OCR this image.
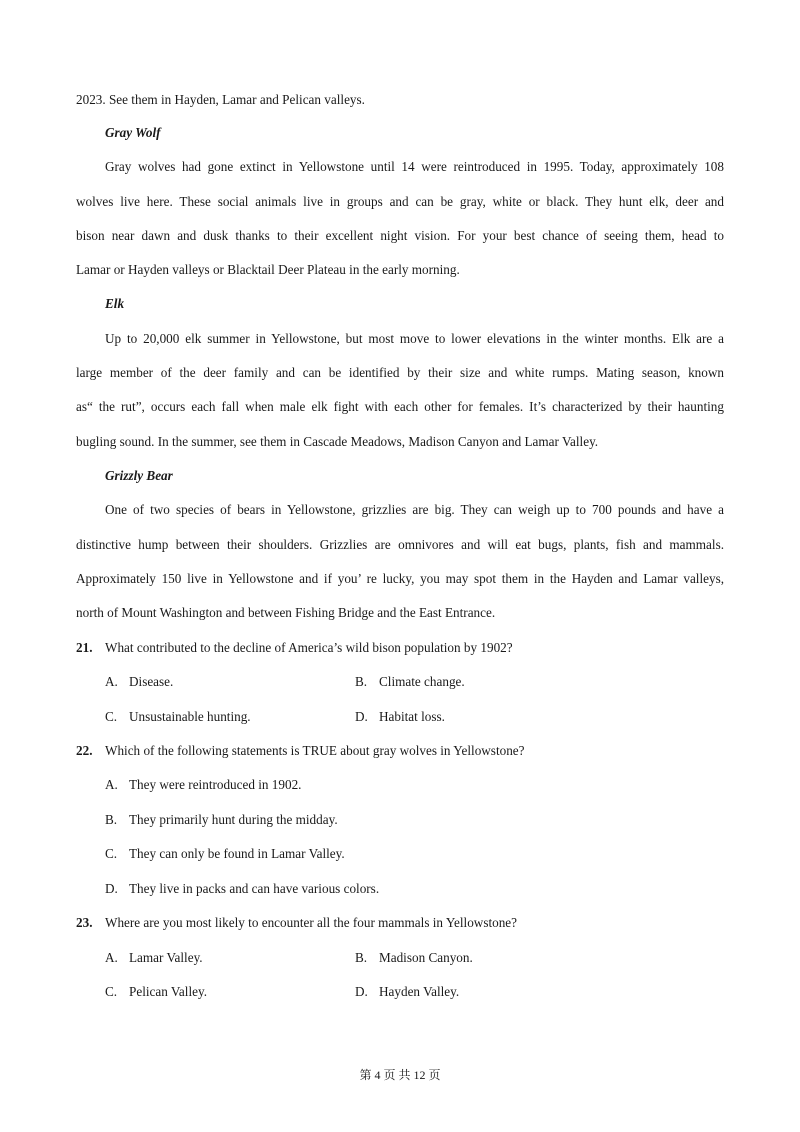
2023. See them in Hayden, Lamar and Pelican valleys.
Gray Wolf
Gray wolves had gone extinct in Yellowstone until 14 were reintroduced in 1995. Today, approximately 108
wolves live here. These social animals live in groups and can be gray, white or black. They hunt elk, deer and
bison near dawn and dusk thanks to their excellent night vision. For your best chance of seeing them, head to
Lamar or Hayden valleys or Blacktail Deer Plateau in the early morning.
Elk
Up to 20,000 elk summer in Yellowstone, but most move to lower elevations in the winter months. Elk are a
large member of the deer family and can be identified by their size and white rumps. Mating season, known
as“ the rut”, occurs each fall when male elk fight with each other for females. It’s characterized by their haunting
bugling sound. In the summer, see them in Cascade Meadows, Madison Canyon and Lamar Valley.
Grizzly Bear
One of two species of bears in Yellowstone, grizzlies are big. They can weigh up to 700 pounds and have a
distinctive hump between their shoulders. Grizzlies are omnivores and will eat bugs, plants, fish and mammals.
Approximately 150 live in Yellowstone and if you’ re lucky, you may spot them in the Hayden and Lamar valleys,
north of Mount Washington and between Fishing Bridge and the East Entrance.
21. What contributed to the decline of America’s wild bison population by 1902?
A. Disease.	B. Climate change.
C. Unsustainable hunting.	D. Habitat loss.
22. Which of the following statements is TRUE about gray wolves in Yellowstone?
A. They were reintroduced in 1902.
B. They primarily hunt during the midday.
C. They can only be found in Lamar Valley.
D. They live in packs and can have various colors.
23. Where are you most likely to encounter all the four mammals in Yellowstone?
A. Lamar Valley.	B. Madison Canyon.
C. Pelican Valley.	D. Hayden Valley.
第 4 页 共 12 页
